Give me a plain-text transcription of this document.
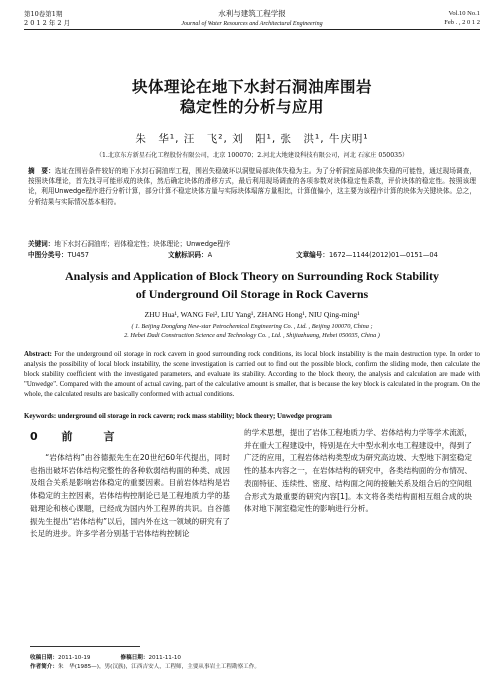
第10卷第1期
2 0 1 2 年 2 月
水利与建筑工程学报
Journal of Water Resources and Architectural Engineering
Vol.10 No.1
Feb . , 2 0 1 2
块体理论在地下水封石洞油库围岩
稳定性的分析与应用
朱　华¹, 汪　飞², 刘　阳¹, 张　洪¹, 牛庆明¹
（1.北京东方新星石化工程股份有限公司，北京 100070；2.河北大地建设科技有限公司，河北 石家庄 050035）
摘　要：选址在围岩条件较好的地下水封石洞油库工程，围岩失稳破坏以洞壁局部块体失稳为主。为了分析洞室局部块体失稳的可能性，通过现场调查，按照块体理论，首先找寻可能形成的块体，然后确定块体的滑移方式，最后利用现场调查的各项参数对块体稳定性系数，评价块体的稳定性。按照该理论，利用Unwedge程序进行分析计算，部分计算不稳定块体方量与实际块体塌落方量相比，计算值偏小，这主要为该程序计算的块体为关键块体。总之，分析结果与实际情况基本相符。
关键词：地下水封石洞油库；岩体稳定性；块体理论；Unwedge程序
中图分类号：TU457	文献标识码：A	文章编号：1672—1144(2012)01—0151—04
Analysis and Application of Block Theory on Surrounding Rock Stability
of Underground Oil Storage in Rock Caverns
ZHU Hua¹, WANG Fei², LIU Yang¹, ZHANG Hong¹, NIU Qing-ming¹
( 1. Beijing Dongfang New-star Petrochemical Engineering Co. , Ltd. , Beijing 100070, China ;
2. Hebei Dadi Construction Science and Technology Co. , Ltd. , Shijiazhuang, Hebei 050035, China )
Abstract: For the underground oil storage in rock cavern in good surrounding rock conditions, its local block instability is the main destruction type. In order to analysis the possibility of local block instability, the scene investigation is carried out to find out the possible block, confirm the sliding mode, then calculate the block stability coefficient with the investigated parameters, and evaluate its stability. According to the block theory, the analysis and calculation are made with "Unwedge". Compared with the amount of actual caving, part of the calculative amount is smaller, that is because the key block is calculated in the program. On the whole, the calculated results are basically conformed with actual conditions.
Keywords: underground oil storage in rock cavern; rock mass stability; block theory; Unwedge program
0 前　言

“岩体结构”由谷德振先生在20世纪60年代提出，同时也指出破坏岩体结构完整性的各种软弱结构面的种类、成因及组合关系是影响岩体稳定的重要因素。目前岩体结构是岩体稳定的主控因素，岩体结构控制论已是工程地质力学的基础理论和核心课题，已经成为国内外工程界的共识。自谷德振先生提出“岩体结构”以后，国内外在这一领域的研究有了长足的进步。许多学者分别基于岩体结构控制论

的学术思想，提出了岩体工程地质力学、岩体结构力学等学术流派，并在重大工程建设中，特别是在大中型水利水电工程建设中，得到了广泛的应用，工程岩体结构类型成为研究高边坡、大型地下洞室稳定性的基本内容之一，在岩体结构的研究中，各类结构面的分布情况、表面特征、连续性、密度、结构面之间的接触关系及组合后的空间组合形式为最重要的研究内容[1]。本文将各类结构面相互组合成的块体对地下洞室稳定性的影响进行分析。

收稿日期：2011-10-19	修稿日期：2011-11-10
作者简介：朱　华(1985—)，男(汉族)，江西吉安人，工程师，主要从事岩土工程勘察工作。
